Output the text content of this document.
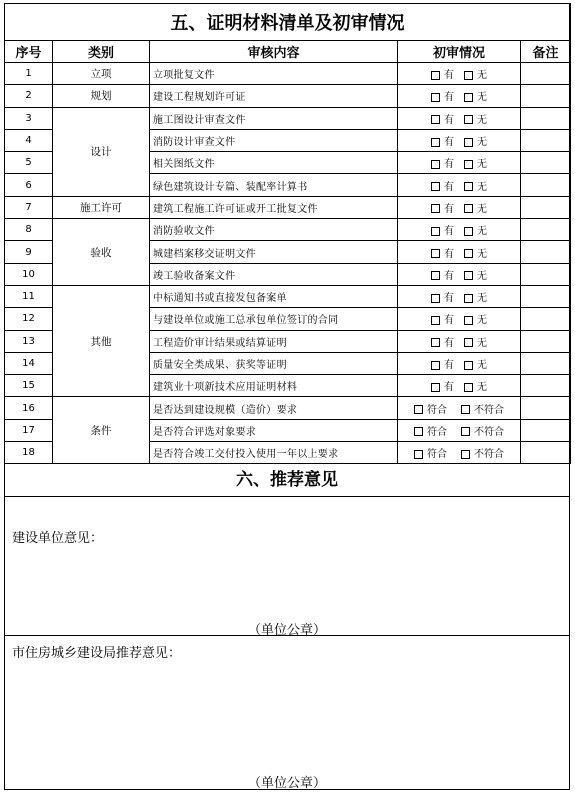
五、证明材料清单及初审情况				
序号	类别	审核内容	初审情况	备注
1	立项	立项批复文件	有 无	
2	规划	建设工程规划许可证	有 无	
3	设计	施工图设计审查文件	有 无	
4		消防设计审查文件	有 无	
5		相关图纸文件	有 无	
6		绿色建筑设计专篇、装配率计算书	有 无	
7	施工许可	建筑工程施工许可证或开工批复文件	有 无	
8	验收	消防验收文件	有 无	
9		城建档案移交证明文件	有 无	
10		竣工验收备案文件	有 无	
11	其他	中标通知书或直接发包备案单	有 无	
12		与建设单位或施工总承包单位签订的合同	有 无	
13		工程造价审计结果或结算证明	有 无	
14		质量安全类成果、获奖等证明	有 无	
15		建筑业十项新技术应用证明材料	有 无	
16	条件	是否达到建设规模（造价）要求	符合 不符合	
17		是否符合评选对象要求	符合 不符合	
18		是否符合竣工交付投入使用一年以上要求	符合 不符合	
六、推荐意见
建设单位意见：
（单位公章）
市住房城乡建设局推荐意见：
（单位公章）
